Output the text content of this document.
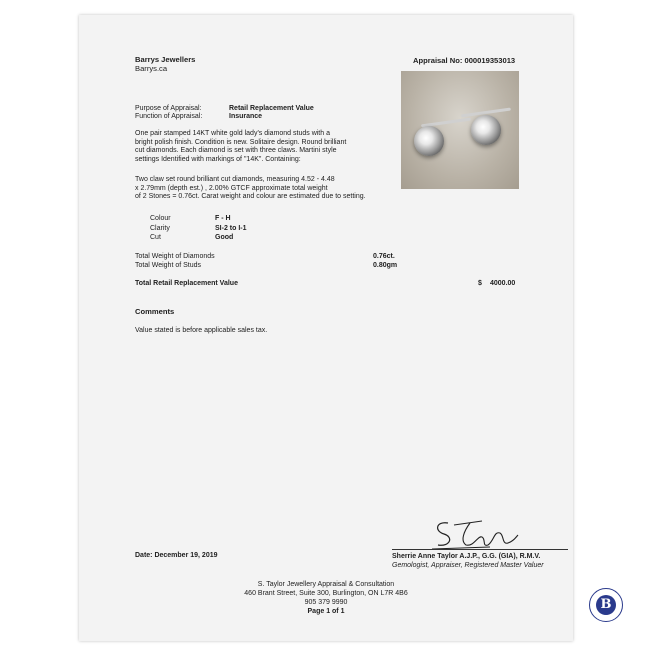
Barrys Jewellers
Barrys.ca
Appraisal No: 000019353013
Purpose of Appraisal:	Retail Replacement Value
Function of Appraisal:	Insurance
One pair stamped 14KT white gold lady's diamond studs with a
bright polish finish. Condition is new. Solitaire design. Round brilliant
cut diamonds. Each diamond is set with three claws. Martini style
settings Identified with markings of "14K". Containing:
Two claw set round brilliant cut diamonds, measuring 4.52 - 4.48
x 2.79mm (depth est.) , 2.00% GTCF approximate total weight
of 2 Stones = 0.76ct. Carat weight and colour are estimated due to setting.
Colour	F - H
Clarity	SI-2 to I-1
Cut	Good
Total Weight of Diamonds	0.76ct.
Total Weight of Studs	0.80gm
Total Retail Replacement Value	$ 4000.00
Comments
Value stated is before applicable sales tax.
Date: December 19, 2019	Sherrie Anne Taylor A.J.P., G.G. (GIA), R.M.V.
Gemologist, Appraiser, Registered Master Valuer
S. Taylor Jewellery Appraisal & Consultation
460 Brant Street, Suite 300, Burlington, ON L7R 4B6
905 379 9990
Page 1 of 1	B
